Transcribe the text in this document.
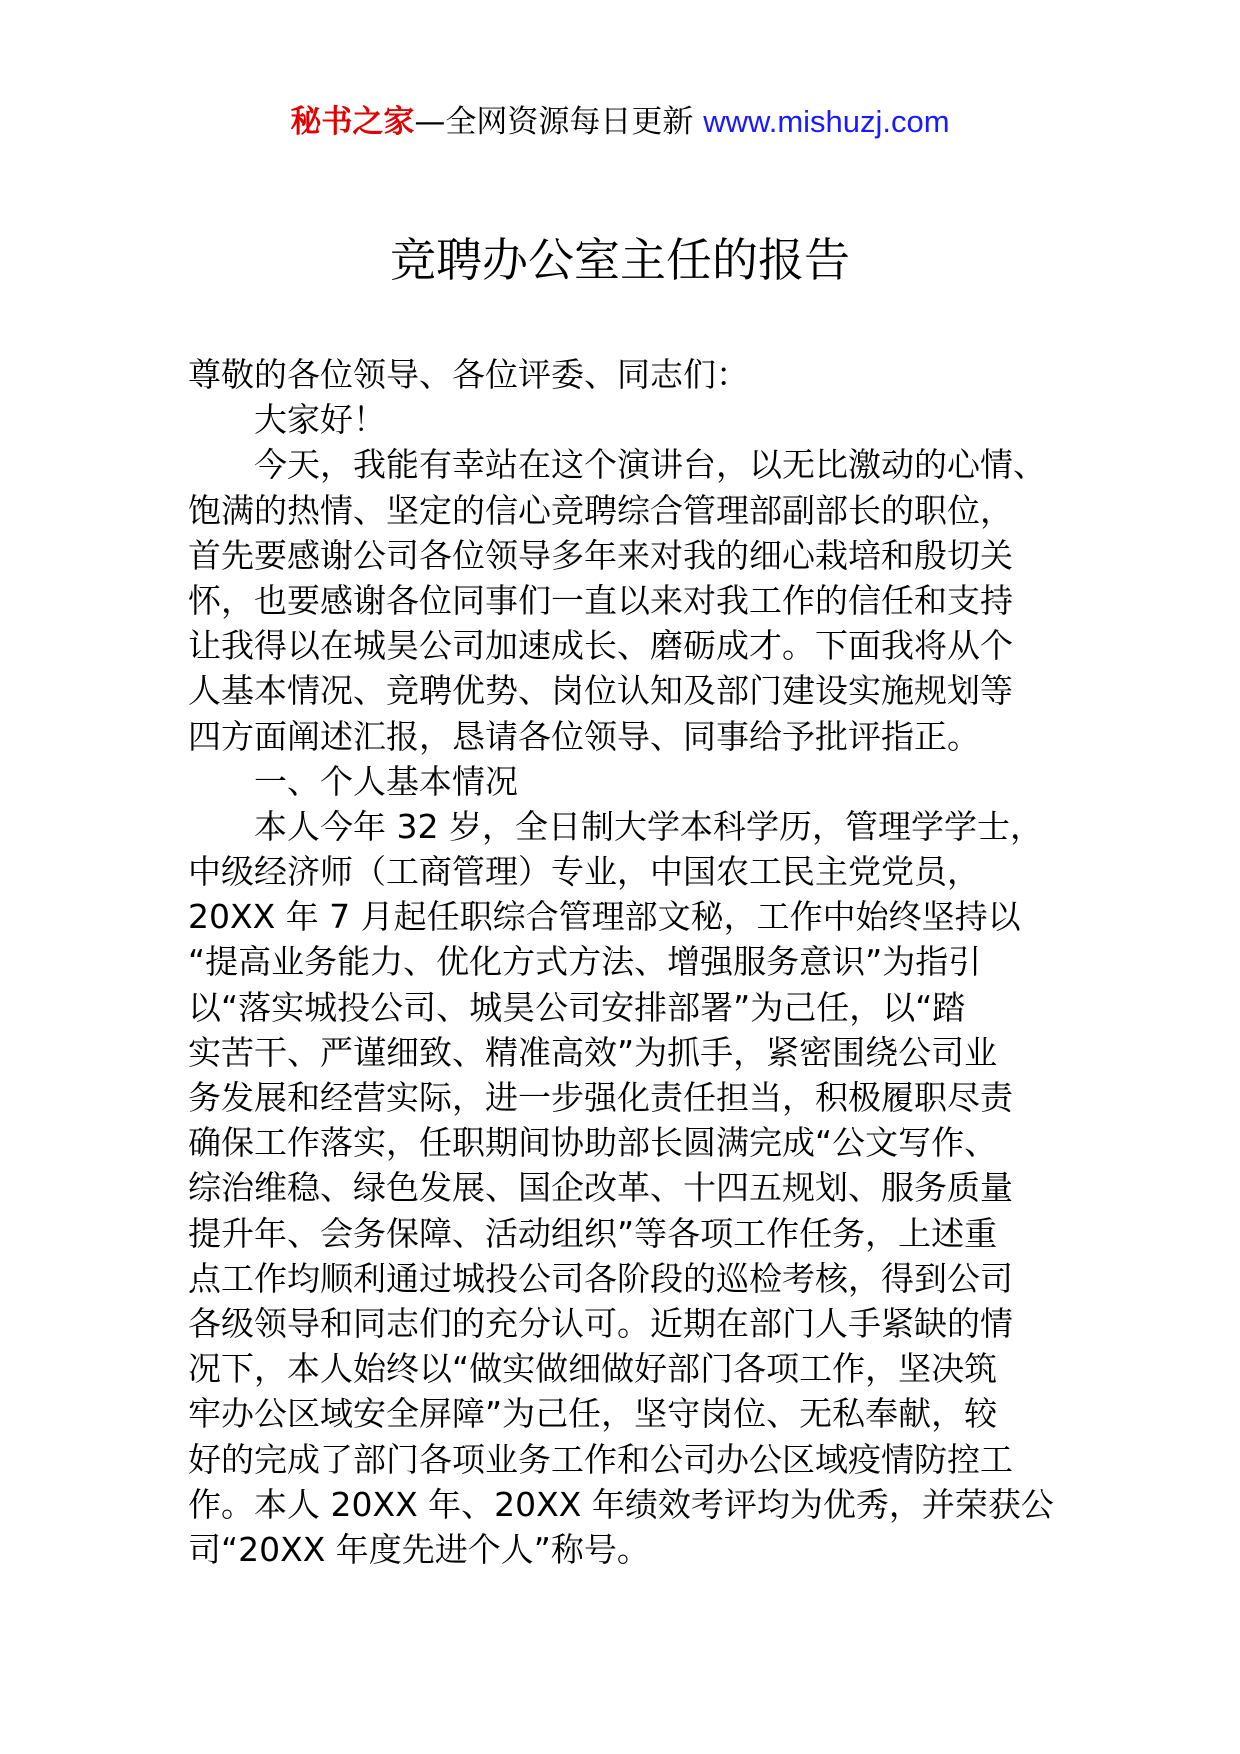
秘书之家—全网资源每日更新 www.mishuzj.com
竞聘办公室主任的报告
尊敬的各位领导、各位评委、同志们：
大家好！
今天，我能有幸站在这个演讲台，以无比激动的心情、
饱满的热情、坚定的信心竞聘综合管理部副部长的职位，
首先要感谢公司各位领导多年来对我的细心栽培和殷切关
怀，也要感谢各位同事们一直以来对我工作的信任和支持
让我得以在城昊公司加速成长、磨砺成才。下面我将从个
人基本情况、竞聘优势、岗位认知及部门建设实施规划等
四方面阐述汇报，恳请各位领导、同事给予批评指正。
一、个人基本情况
本人今年 32 岁，全日制大学本科学历，管理学学士，
中级经济师（工商管理）专业，中国农工民主党党员，
20XX 年 7 月起任职综合管理部文秘，工作中始终坚持以
“提高业务能力、优化方式方法、增强服务意识”为指引
以“落实城投公司、城昊公司安排部署”为己任，以“踏
实苦干、严谨细致、精准高效”为抓手，紧密围绕公司业
务发展和经营实际，进一步强化责任担当，积极履职尽责
确保工作落实，任职期间协助部长圆满完成“公文写作、
综治维稳、绿色发展、国企改革、十四五规划、服务质量
提升年、会务保障、活动组织”等各项工作任务，上述重
点工作均顺利通过城投公司各阶段的巡检考核，得到公司
各级领导和同志们的充分认可。近期在部门人手紧缺的情
况下，本人始终以“做实做细做好部门各项工作，坚决筑
牢办公区域安全屏障”为己任，坚守岗位、无私奉献，较
好的完成了部门各项业务工作和公司办公区域疫情防控工
作。本人 20XX 年、20XX 年绩效考评均为优秀，并荣获公
司“20XX 年度先进个人”称号。
